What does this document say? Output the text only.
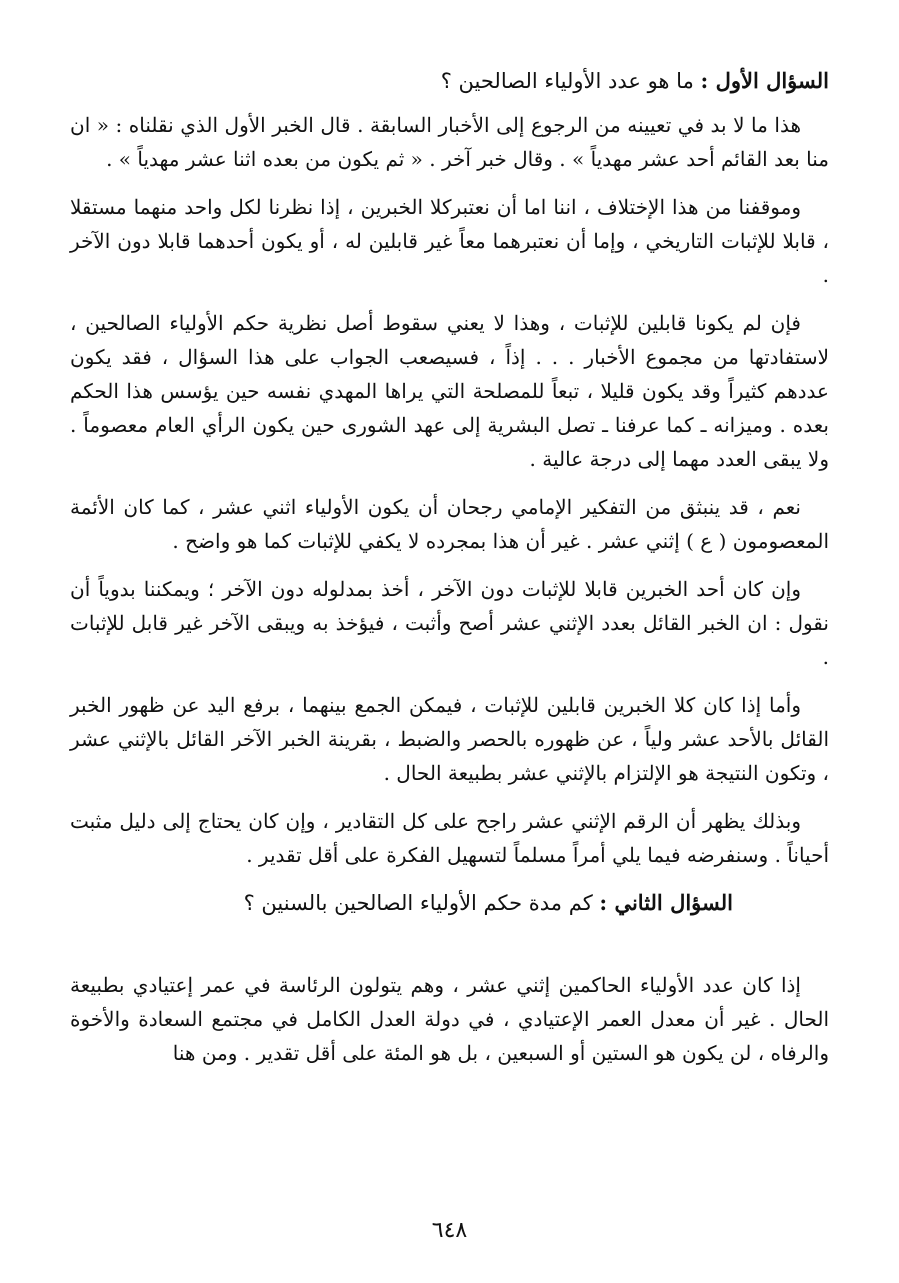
السؤال الأول : ما هو عدد الأولياء الصالحين ؟

هذا ما لا بد في تعيينه من الرجوع إلى الأخبار السابقة . قال الخبر الأول الذي نقلناه : « ان منا بعد القائم أحد عشر مهدياً » . وقال خبر آخر . « ثم يكون من بعده اثنا عشر مهدياً » .

وموقفنا من هذا الإختلاف ، اننا اما أن نعتبركلا الخبرين ، إذا نظرنا لكل واحد منهما مستقلا ، قابلا للإثبات التاريخي ، وإما أن نعتبرهما معاً غير قابلين له ، أو يكون أحدهما قابلا دون الآخر .

فإن لم يكونا قابلين للإثبات ، وهذا لا يعني سقوط أصل نظرية حكم الأولياء الصالحين ، لاستفادتها من مجموع الأخبار . . . إذاً ، فسيصعب الجواب على هذا السؤال ، فقد يكون عددهم كثيراً وقد يكون قليلا ، تبعاً للمصلحة التي يراها المهدي نفسه حين يؤسس هذا الحكم بعده . وميزانه ـ كما عرفنا ـ تصل البشرية إلى عهد الشورى حين يكون الرأي العام معصوماً . ولا يبقى العدد مهما إلى درجة عالية .

نعم ، قد ينبثق من التفكير الإمامي رجحان أن يكون الأولياء اثني عشر ، كما كان الأئمة المعصومون ( ع ) إثني عشر . غير أن هذا بمجرده لا يكفي للإثبات كما هو واضح .

وإن كان أحد الخبرين قابلا للإثبات دون الآخر ، أخذ بمدلوله دون الآخر ؛ ويمكننا بدوياً أن نقول : ان الخبر القائل بعدد الإثني عشر أصح وأثبت ، فيؤخذ به ويبقى الآخر غير قابل للإثبات .

وأما إذا كان كلا الخبرين قابلين للإثبات ، فيمكن الجمع بينهما ، برفع اليد عن ظهور الخبر القائل بالأحد عشر ولياً ، عن ظهوره بالحصر والضبط ، بقرينة الخبر الآخر القائل بالإثني عشر ، وتكون النتيجة هو الإلتزام بالإثني عشر بطبيعة الحال .

وبذلك يظهر أن الرقم الإثني عشر راجح على كل التقادير ، وإن كان يحتاج إلى دليل مثبت أحياناً . وسنفرضه فيما يلي أمراً مسلماً لتسهيل الفكرة على أقل تقدير .

السؤال الثاني : كم مدة حكم الأولياء الصالحين بالسنين ؟

إذا كان عدد الأولياء الحاكمين إثني عشر ، وهم يتولون الرئاسة في عمر إعتيادي بطبيعة الحال . غير أن معدل العمر الإعتيادي ، في دولة العدل الكامل في مجتمع السعادة والأخوة والرفاه ، لن يكون هو الستين أو السبعين ، بل هو المئة على أقل تقدير . ومن هنا

٦٤٨
